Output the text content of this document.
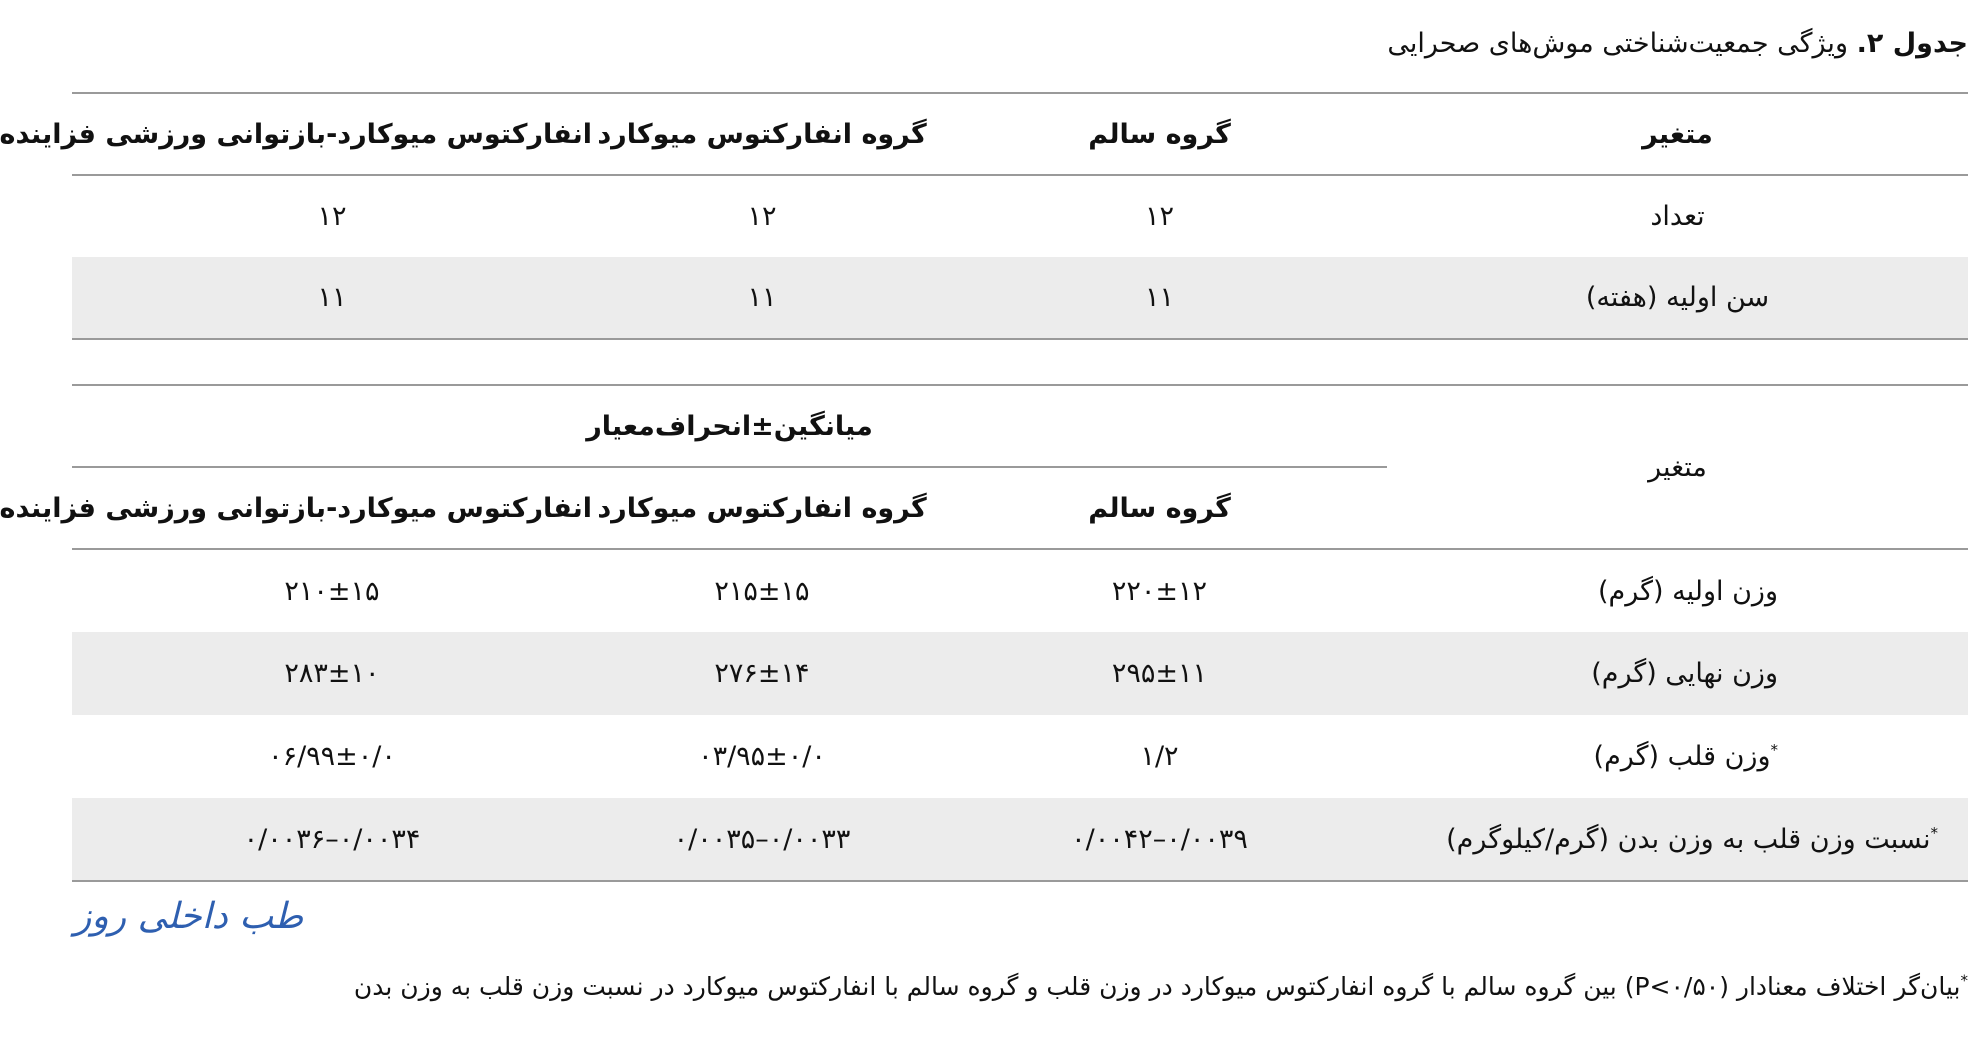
جدول ۲. ویژگی جمعیت‌شناختی موش‌های صحرایی
متغیر	گروه سالم	گروه انفارکتوس میوکارد	انفارکتوس میوکارد-بازتوانی ورزشی فزاینده
تعداد	۱۲	۱۲	۱۲
سن اولیه (هفته)	۱۱	۱۱	۱۱
متغیر	میانگین±انحراف‌معیار		
	گروه سالم	گروه انفارکتوس میوکارد	انفارکتوس میوکارد-بازتوانی ورزشی فزاینده
وزن اولیه (گرم)	۲۲۰±۱۲	۲۱۵±۱۵	۲۱۰±۱۵
وزن نهایی (گرم)	۲۹۵±۱۱	۲۷۶±۱۴	۲۸۳±۱۰
*وزن قلب (گرم)	۱/۲	۰۳/۹۵±۰/۰	۰۶/۹۹±۰/۰
*نسبت وزن قلب به وزن بدن (گرم/کیلوگرم)	۰/۰۰۳۹–۰/۰۰۴۲	۰/۰۰۳۳–۰/۰۰۳۵	۰/۰۰۳۴–۰/۰۰۳۶
طب داخلی روز
*بیان‌گر اختلاف معنادار (P<۰/۵۰) بین گروه سالم با گروه انفارکتوس میوکارد در وزن قلب و گروه سالم با انفارکتوس میوکارد در نسبت وزن قلب به وزن بدن
